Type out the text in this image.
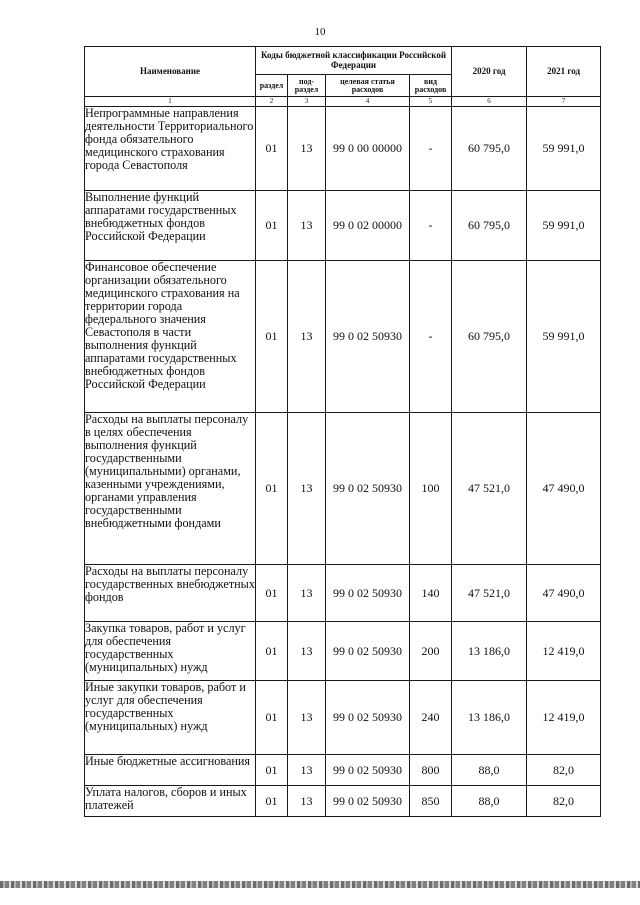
10
Наименование	Коды бюджетной классификации Российской Федерации				2020 год	2021 год
	раздел	под-раздел	целевая статья расходов	вид расходов		
1	2	3	4	5	6	7
Непрограммные направления деятельности Территориального фонда обязательного медицинского страхования города Севастополя	01	13	99 0 00 00000	-	60 795,0	59 991,0
Выполнение функций аппаратами государственных внебюджетных фондов Российской Федерации	01	13	99 0 02 00000	-	60 795,0	59 991,0
Финансовое обеспечение организации обязательного медицинского страхования на территории города федерального значения Севастополя в части выполнения функций аппаратами государственных внебюджетных фондов Российской Федерации	01	13	99 0 02 50930	-	60 795,0	59 991,0
Расходы на выплаты персоналу в целях обеспечения выполнения функций государственными (муниципальными) органами, казенными учреждениями, органами управления государственными внебюджетными фондами	01	13	99 0 02 50930	100	47 521,0	47 490,0
Расходы на выплаты персоналу государственных внебюджетных фондов	01	13	99 0 02 50930	140	47 521,0	47 490,0
Закупка товаров, работ и услуг для обеспечения государственных (муниципальных) нужд	01	13	99 0 02 50930	200	13 186,0	12 419,0
Иные закупки товаров, работ и услуг для обеспечения государственных (муниципальных) нужд	01	13	99 0 02 50930	240	13 186,0	12 419,0
Иные бюджетные ассигнования	01	13	99 0 02 50930	800	88,0	82,0
Уплата налогов, сборов и иных платежей	01	13	99 0 02 50930	850	88,0	82,0
